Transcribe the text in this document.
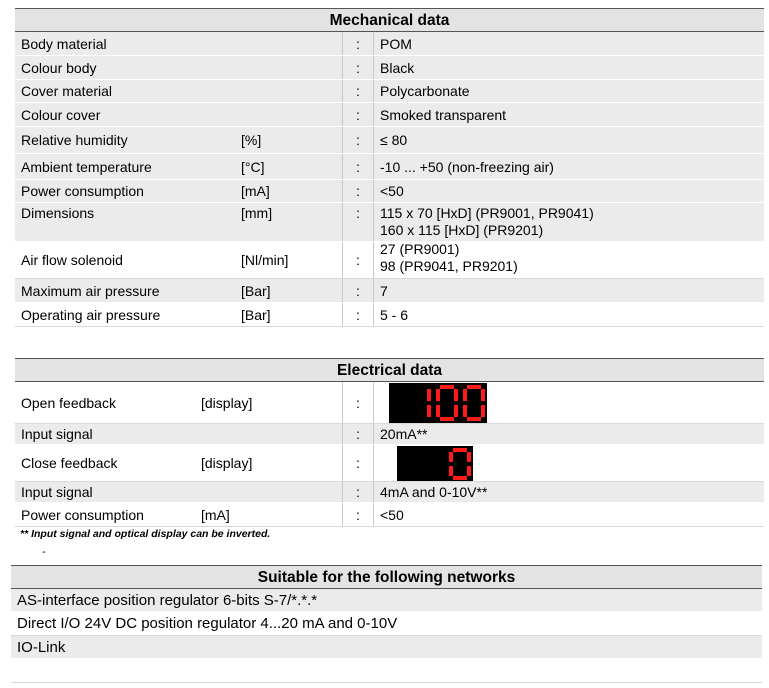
Mechanical data
Body material	:	POM
Colour body	:	Black
Cover material	:	Polycarbonate
Colour cover	:	Smoked transparent
Relative humidity	[%]	:	≤ 80
Ambient temperature	[°C]	:	-10 ... +50 (non-freezing air)
Power consumption	[mA]	:	<50
Dimensions	[mm]	:	115 x 70 [HxD] (PR9001, PR9041)
160 x 115 [HxD] (PR9201)
Air flow solenoid	[Nl/min]	:
27 (PR9001)
98 (PR9041, PR9201)
Maximum air pressure	[Bar]	:	7
Operating air pressure	[Bar]	:	5 - 6
Electrical data
Open feedback	[display]	:
Input signal	:	20mA**
Close feedback	[display]	:
Input signal	:	4mA and 0-10V**
Power consumption	[mA]	:	<50
** Input signal and optical display can be inverted.
-
Suitable for the following networks
AS-interface position regulator 6-bits S-7/*.*.*
Direct I/O 24V DC position regulator 4...20 mA and 0-10V
IO-Link
